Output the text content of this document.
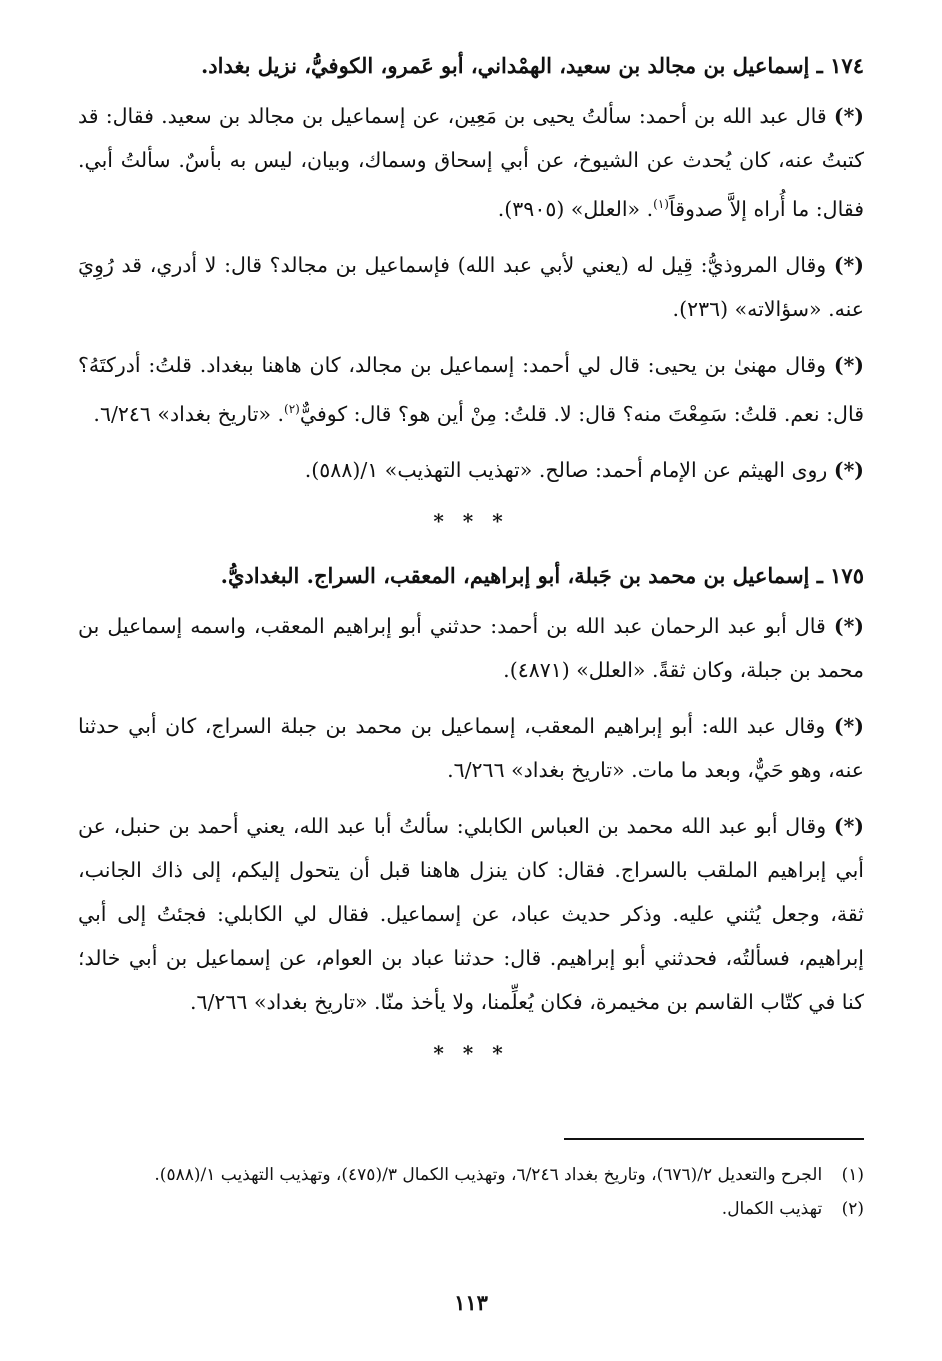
١٧٤ ـ إسماعيل بن مجالد بن سعيد، الهمْداني، أبو عَمرو، الكوفيُّ، نزيل بغداد.

(*) قال عبد الله بن أحمد: سألتُ يحيى بن مَعِين، عن إسماعيل بن مجالد بن سعيد. فقال: قد كتبتُ عنه، كان يُحدث عن الشيوخ، عن أبي إسحاق وسماك، وبيان، ليس به بأسٌ. سألتُ أبي. فقال: ما أُراه إلاَّ صدوقاً$^{(١)}$. «العلل» (٣٩٠٥).

(*) وقال المروذيُّ: قِيل له (يعني لأبي عبد الله) فإسماعيل بن مجالد؟ قال: لا أدري، قد رُوِيَ عنه. «سؤالاته» (٢٣٦).

(*) وقال مهنىٰ بن يحيى: قال لي أحمد: إسماعيل بن مجالد، كان هاهنا ببغداد. قلتُ: أدركتَهُ؟ قال: نعم. قلتُ: سَمِعْتَ منه؟ قال: لا. قلتُ: مِنْ أين هو؟ قال: كوفيٌّ$^{(٢)}$. «تاريخ بغداد» ٦/٢٤٦.

(*) روى الهيثم عن الإمام أحمد: صالح. «تهذيب التهذيب» ١/(٥٨٨).

* * *
١٧٥ ـ إسماعيل بن محمد بن جَبلة، أبو إبراهيم، المعقب، السراج. البغداديُّ.

(*) قال أبو عبد الرحمان عبد الله بن أحمد: حدثني أبو إبراهيم المعقب، واسمه إسماعيل بن محمد بن جبلة، وكان ثقةً. «العلل» (٤٨٧١).

(*) وقال عبد الله: أبو إبراهيم المعقب، إسماعيل بن محمد بن جبلة السراج، كان أبي حدثنا عنه، وهو حَيٌّ، وبعد ما مات. «تاريخ بغداد» ٦/٢٦٦.

(*) وقال أبو عبد الله محمد بن العباس الكابلي: سألتُ أبا عبد الله، يعني أحمد بن حنبل، عن أبي إبراهيم الملقب بالسراج. فقال: كان ينزل هاهنا قبل أن يتحول إليكم، إلى ذاك الجانب، ثقة، وجعل يُثني عليه. وذكر حديث عباد، عن إسماعيل. فقال لي الكابلي: فجئتُ إلى أبي إبراهيم، فسألتُه، فحدثني أبو إبراهيم. قال: حدثنا عباد بن العوام، عن إسماعيل بن أبي خالد؛ كنا في كتّاب القاسم بن مخيمرة، فكان يُعلِّمنا، ولا يأخذ منّا. «تاريخ بغداد» ٦/٢٦٦.

* * *

(١) الجرح والتعديل ٢/(٦٧٦)، وتاريخ بغداد ٦/٢٤٦، وتهذيب الكمال ٣/(٤٧٥)، وتهذيب التهذيب ١/(٥٨٨).

(٢) تهذيب الكمال.

١١٣
